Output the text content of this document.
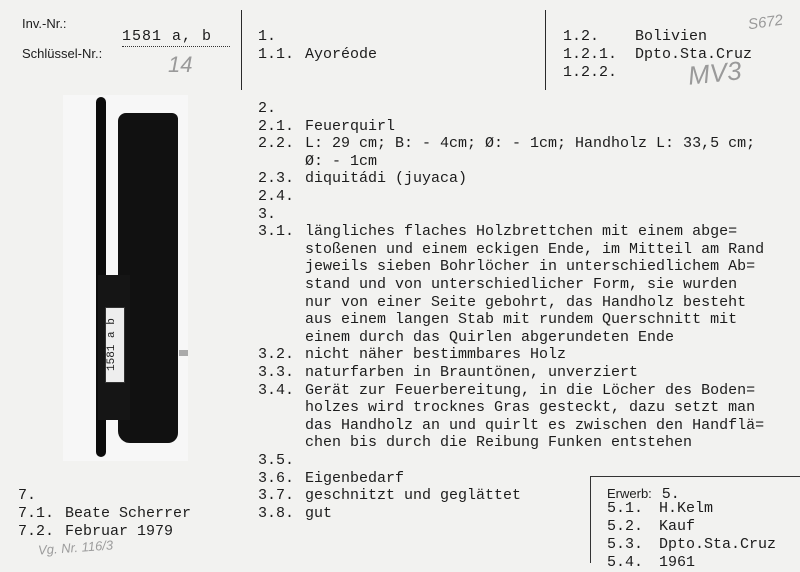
Inv.-Nr.:
1581 a, b
Schlüssel-Nr.:	14
1.
1.1. Ayoréode
1.2. Bolivien
1.2.1. Dpto.Sta.Cruz
1.2.2.
S672
MV3
1581 a b
2.
2.1. Feuerquirl
2.2. L: 29 cm; B: - 4cm; Ø: - 1cm; Handholz L: 33,5 cm;
Ø: - 1cm
2.3. diquitádi (juyaca)
2.4.
3.
3.1. längliches flaches Holzbrettchen mit einem abge=
stoßenen und einem eckigen Ende, im Mitteil am Rand
jeweils sieben Bohrlöcher in unterschiedlichem Ab=
stand und von unterschiedlicher Form, sie wurden
nur von einer Seite gebohrt, das Handholz besteht
aus einem langen Stab mit rundem Querschnitt mit
einem durch das Quirlen abgerundeten Ende
3.2. nicht näher bestimmbares Holz
3.3. naturfarben in Brauntönen, unverziert
3.4. Gerät zur Feuerbereitung, in die Löcher des Boden=
holzes wird trocknes Gras gesteckt, dazu setzt man
das Handholz an und quirlt es zwischen den Handflä=
chen bis durch die Reibung Funken entstehen
3.5.
3.6. Eigenbedarf
3.7. geschnitzt und geglättet
3.8. gut
7.
7.1. Beate Scherrer
7.2. Februar 1979
Vg. Nr. 116/3
Erwerb: 5.
5.1. H.Kelm
5.2. Kauf
5.3. Dpto.Sta.Cruz
5.4. 1961
